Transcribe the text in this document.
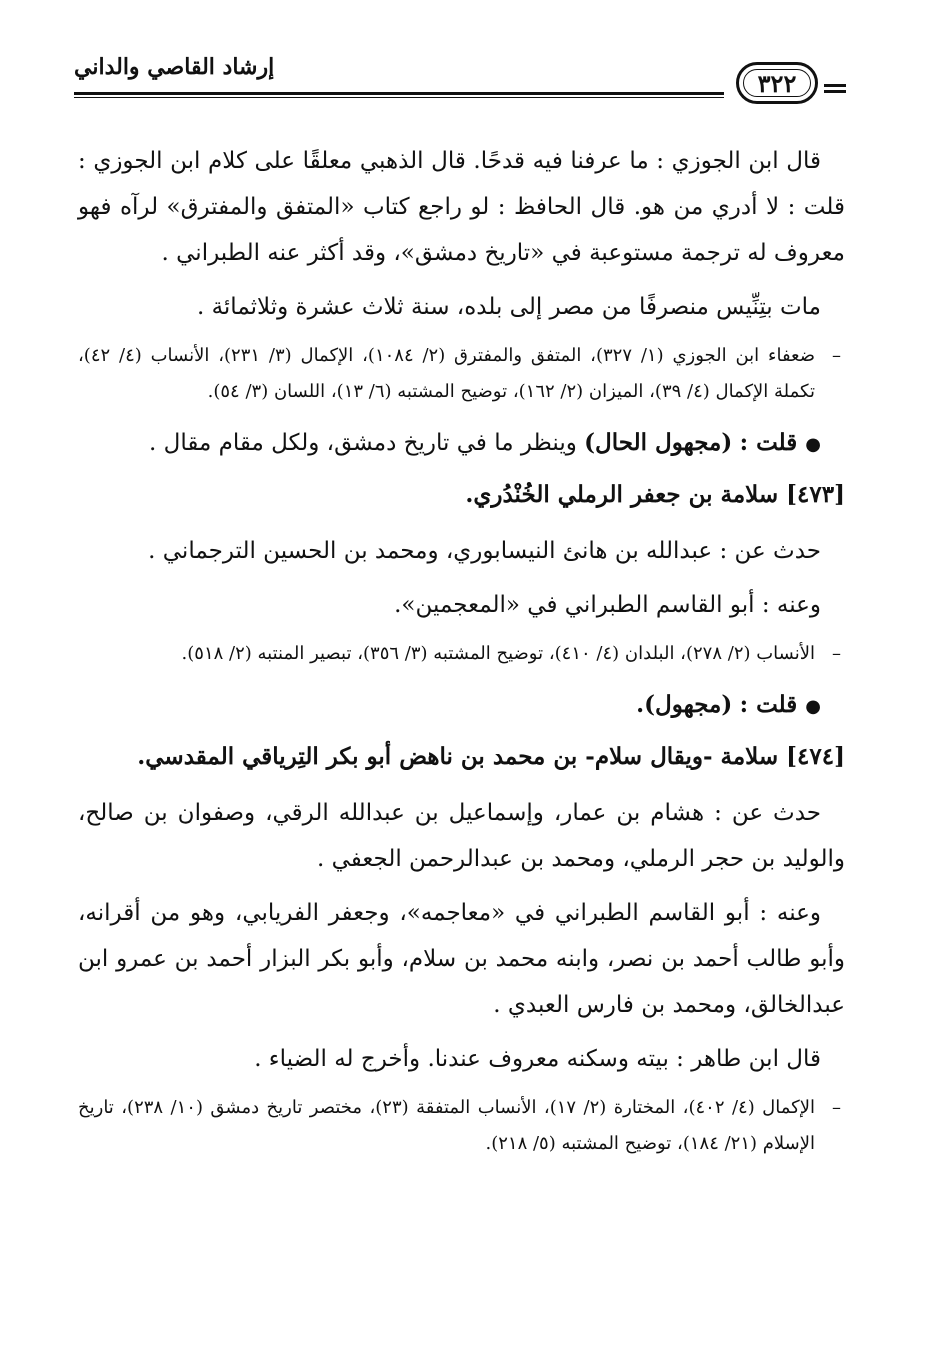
إرشاد القاصي والداني
٣٢٢

قال ابن الجوزي : ما عرفنا فيه قدحًا. قال الذهبي معلقًا على كلام ابن الجوزي : قلت : لا أدري من هو. قال الحافظ : لو راجع كتاب «المتفق والمفترق» لرآه فهو معروف له ترجمة مستوعبة في «تاريخ دمشق»، وقد أكثر عنه الطبراني .

مات بتِنِّيس منصرفًا من مصر إلى بلده، سنة ثلاث عشرة وثلاثمائة .

–
ضعفاء ابن الجوزي (١/ ٣٢٧)، المتفق والمفترق (٢/ ١٠٨٤)، الإكمال (٣/ ٢٣١)، الأنساب (٤/ ٤٢)، تكملة الإكمال (٤/ ٣٩)، الميزان (٢/ ١٦٢)، توضيح المشتبه (٦/ ١٣)، اللسان (٣/ ٥٤).

●قلت : (مجهول الحال) وينظر ما في تاريخ دمشق، ولكل مقام مقال .

[٤٧٣] سلامة بن جعفر الرملي الخُنْدُري.

حدث عن : عبدالله بن هانئ النيسابوري، ومحمد بن الحسين الترجماني .

وعنه : أبو القاسم الطبراني في «المعجمين».

–
الأنساب (٢/ ٢٧٨)، البلدان (٤/ ٤١٠)، توضيح المشتبه (٣/ ٣٥٦)، تبصير المنتبه (٢/ ٥١٨).

●قلت : (مجهول).

[٤٧٤] سلامة -ويقال سلام- بن محمد بن ناهض أبو بكر التِرياقي المقدسي.

حدث عن : هشام بن عمار، وإسماعيل بن عبدالله الرقي، وصفوان بن صالح، والوليد بن حجر الرملي، ومحمد بن عبدالرحمن الجعفي .

وعنه : أبو القاسم الطبراني في «معاجمه»، وجعفر الفريابي، وهو من أقرانه، وأبو طالب أحمد بن نصر، وابنه محمد بن سلام، وأبو بكر البزار أحمد بن عمرو ابن عبدالخالق، ومحمد بن فارس العبدي .

قال ابن طاهر : بيته وسكنه معروف عندنا. وأخرج له الضياء .

–
الإكمال (٤/ ٤٠٢)، المختارة (٢/ ١٧)، الأنساب المتفقة (٢٣)، مختصر تاريخ دمشق (١٠/ ٢٣٨)، تاريخ الإسلام (٢١/ ١٨٤)، توضيح المشتبه (٥/ ٢١٨).
